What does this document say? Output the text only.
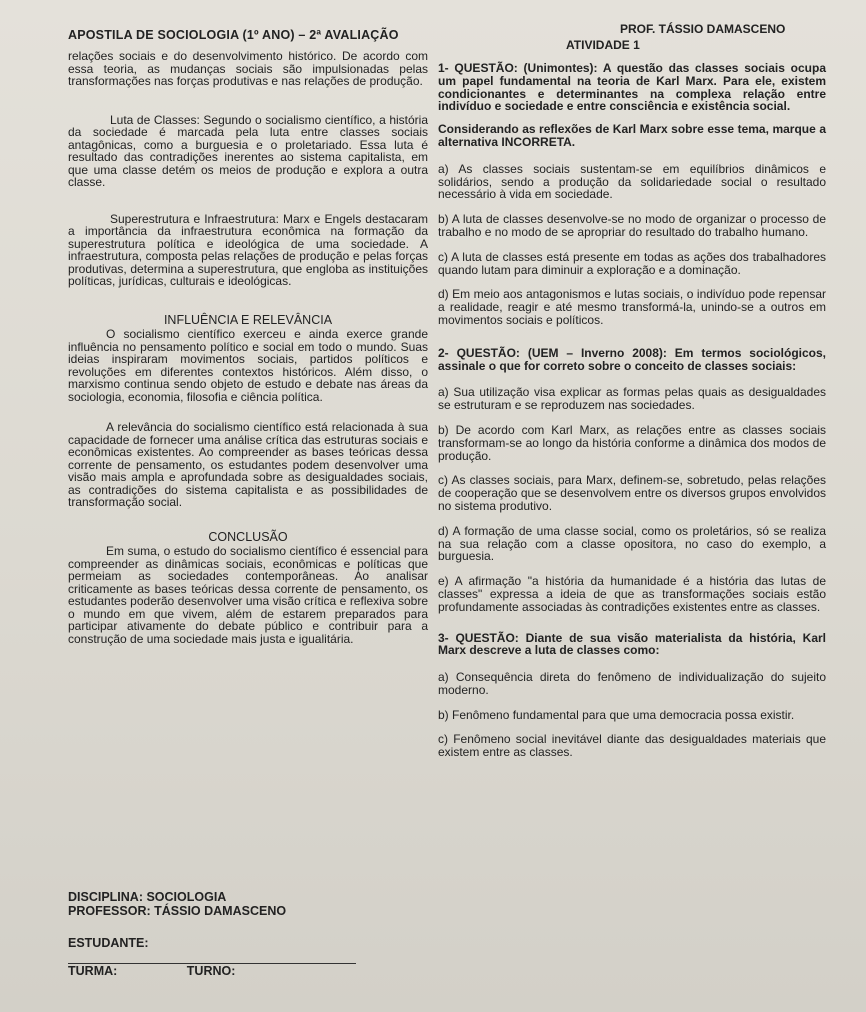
APOSTILA DE SOCIOLOGIA (1º ANO) – 2ª AVALIAÇÃO	PROF. TÁSSIO DAMASCENO
ATIVIDADE 1

relações sociais e do desenvolvimento histórico. De acordo com essa teoria, as mudanças sociais são impulsionadas pelas transformações nas forças produtivas e nas relações de produção.

Luta de Classes: Segundo o socialismo científico, a história da sociedade é marcada pela luta entre classes sociais antagônicas, como a burguesia e o proletariado. Essa luta é resultado das contradições inerentes ao sistema capitalista, em que uma classe detém os meios de produção e explora a outra classe.

Superestrutura e Infraestrutura: Marx e Engels destacaram a importância da infraestrutura econômica na formação da superestrutura política e ideológica de uma sociedade. A infraestrutura, composta pelas relações de produção e pelas forças produtivas, determina a superestrutura, que engloba as instituições políticas, jurídicas, culturais e ideológicas.

INFLUÊNCIA E RELEVÂNCIA

O socialismo científico exerceu e ainda exerce grande influência no pensamento político e social em todo o mundo. Suas ideias inspiraram movimentos sociais, partidos políticos e revoluções em diferentes contextos históricos. Além disso, o marxismo continua sendo objeto de estudo e debate nas áreas da sociologia, economia, filosofia e ciência política.

A relevância do socialismo científico está relacionada à sua capacidade de fornecer uma análise crítica das estruturas sociais e econômicas existentes. Ao compreender as bases teóricas dessa corrente de pensamento, os estudantes podem desenvolver uma visão mais ampla e aprofundada sobre as desigualdades sociais, as contradições do sistema capitalista e as possibilidades de transformação social.

CONCLUSÃO

Em suma, o estudo do socialismo científico é essencial para compreender as dinâmicas sociais, econômicas e políticas que permeiam as sociedades contemporâneas. Ao analisar criticamente as bases teóricas dessa corrente de pensamento, os estudantes poderão desenvolver uma visão crítica e reflexiva sobre o mundo em que vivem, além de estarem preparados para participar ativamente do debate público e contribuir para a construção de uma sociedade mais justa e igualitária.

DISCIPLINA: SOCIOLOGIA
PROFESSOR: TÁSSIO DAMASCENO
ESTUDANTE:
TURMA:	TURNO:

1- QUESTÃO: (Unimontes): A questão das classes sociais ocupa um papel fundamental na teoria de Karl Marx. Para ele, existem condicionantes e determinantes na complexa relação entre indivíduo e sociedade e entre consciência e existência social.

Considerando as reflexões de Karl Marx sobre esse tema, marque a alternativa INCORRETA.

a) As classes sociais sustentam-se em equilíbrios dinâmicos e solidários, sendo a produção da solidariedade social o resultado necessário à vida em sociedade.

b) A luta de classes desenvolve-se no modo de organizar o processo de trabalho e no modo de se apropriar do resultado do trabalho humano.

c) A luta de classes está presente em todas as ações dos trabalhadores quando lutam para diminuir a exploração e a dominação.

d) Em meio aos antagonismos e lutas sociais, o indivíduo pode repensar a realidade, reagir e até mesmo transformá-la, unindo-se a outros em movimentos sociais e políticos.

2- QUESTÃO: (UEM – Inverno 2008): Em termos sociológicos, assinale o que for correto sobre o conceito de classes sociais:

a) Sua utilização visa explicar as formas pelas quais as desigualdades se estruturam e se reproduzem nas sociedades.

b) De acordo com Karl Marx, as relações entre as classes sociais transformam-se ao longo da história conforme a dinâmica dos modos de produção.

c) As classes sociais, para Marx, definem-se, sobretudo, pelas relações de cooperação que se desenvolvem entre os diversos grupos envolvidos no sistema produtivo.

d) A formação de uma classe social, como os proletários, só se realiza na sua relação com a classe opositora, no caso do exemplo, a burguesia.

e) A afirmação "a história da humanidade é a história das lutas de classes" expressa a ideia de que as transformações sociais estão profundamente associadas às contradições existentes entre as classes.

3- QUESTÃO: Diante de sua visão materialista da história, Karl Marx descreve a luta de classes como:

a) Consequência direta do fenômeno de individualização do sujeito moderno.

b) Fenômeno fundamental para que uma democracia possa existir.

c) Fenômeno social inevitável diante das desigualdades materiais que existem entre as classes.
